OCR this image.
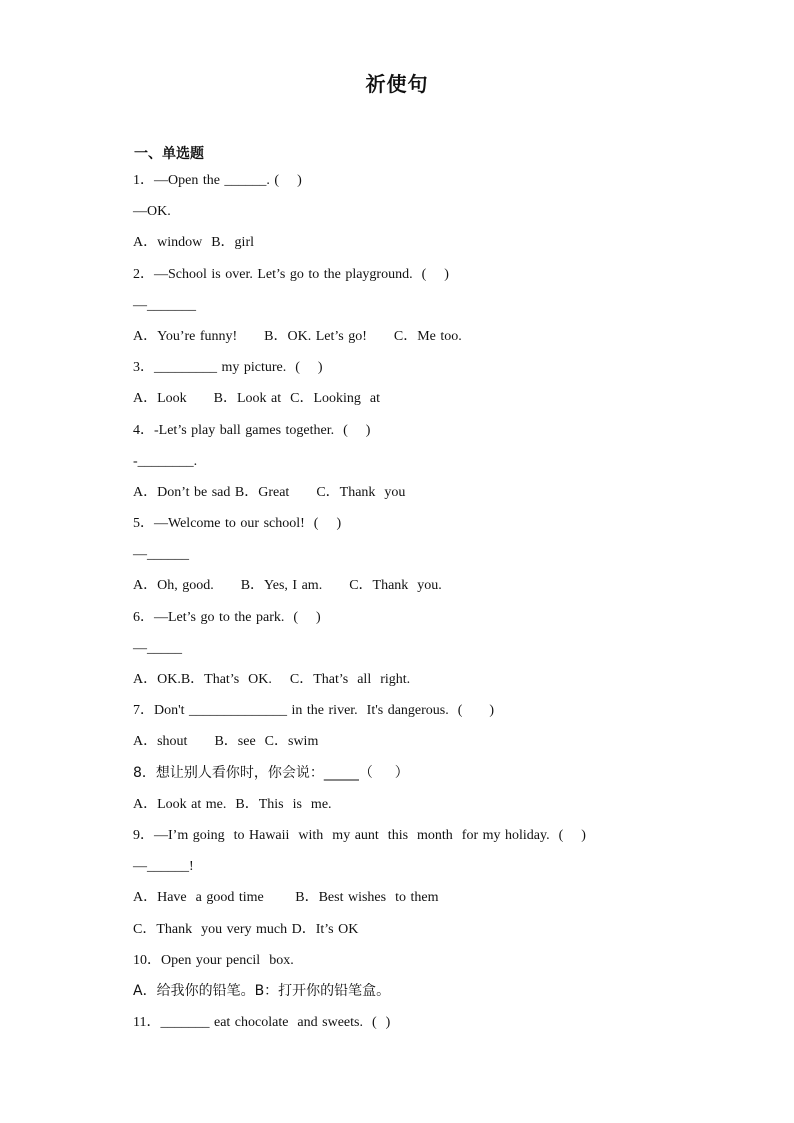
祈使句
一、单选题
1．—Open the ______. (    )
—OK.
A．window  B．girl
2．—School is over. Let’s go to the playground.  (    )
—_______
A．You’re funny!      B．OK. Let’s go!      C．Me too.
3．_________ my picture.  (    )
A．Look      B．Look at  C．Looking  at
4．-Let’s play ball games together.  (    )
-________.
A．Don’t be sad B．Great      C．Thank  you
5．—Welcome to our school!  (    )
—______
A．Oh, good.      B．Yes, I am.      C．Thank  you.
6．—Let’s go to the park.  (    )
—_____
A．OK.B．That’s  OK.    C．That’s  all  right.
7．Don't ______________ in the river.  It's dangerous.  (      )
A．shout      B．see  C．swim
8．想让别人看你时，你会说：_____（    ）
A．Look at me.  B．This  is  me.
9．—I’m going  to Hawaii  with  my aunt  this  month  for my holiday.  (    )
—______!
A．Have  a good time       B．Best wishes  to them
C．Thank  you very much D．It’s OK
10．Open your pencil  box.
A．给我你的铅笔。B：打开你的铅笔盒。
11．_______ eat chocolate  and sweets.  (  )
